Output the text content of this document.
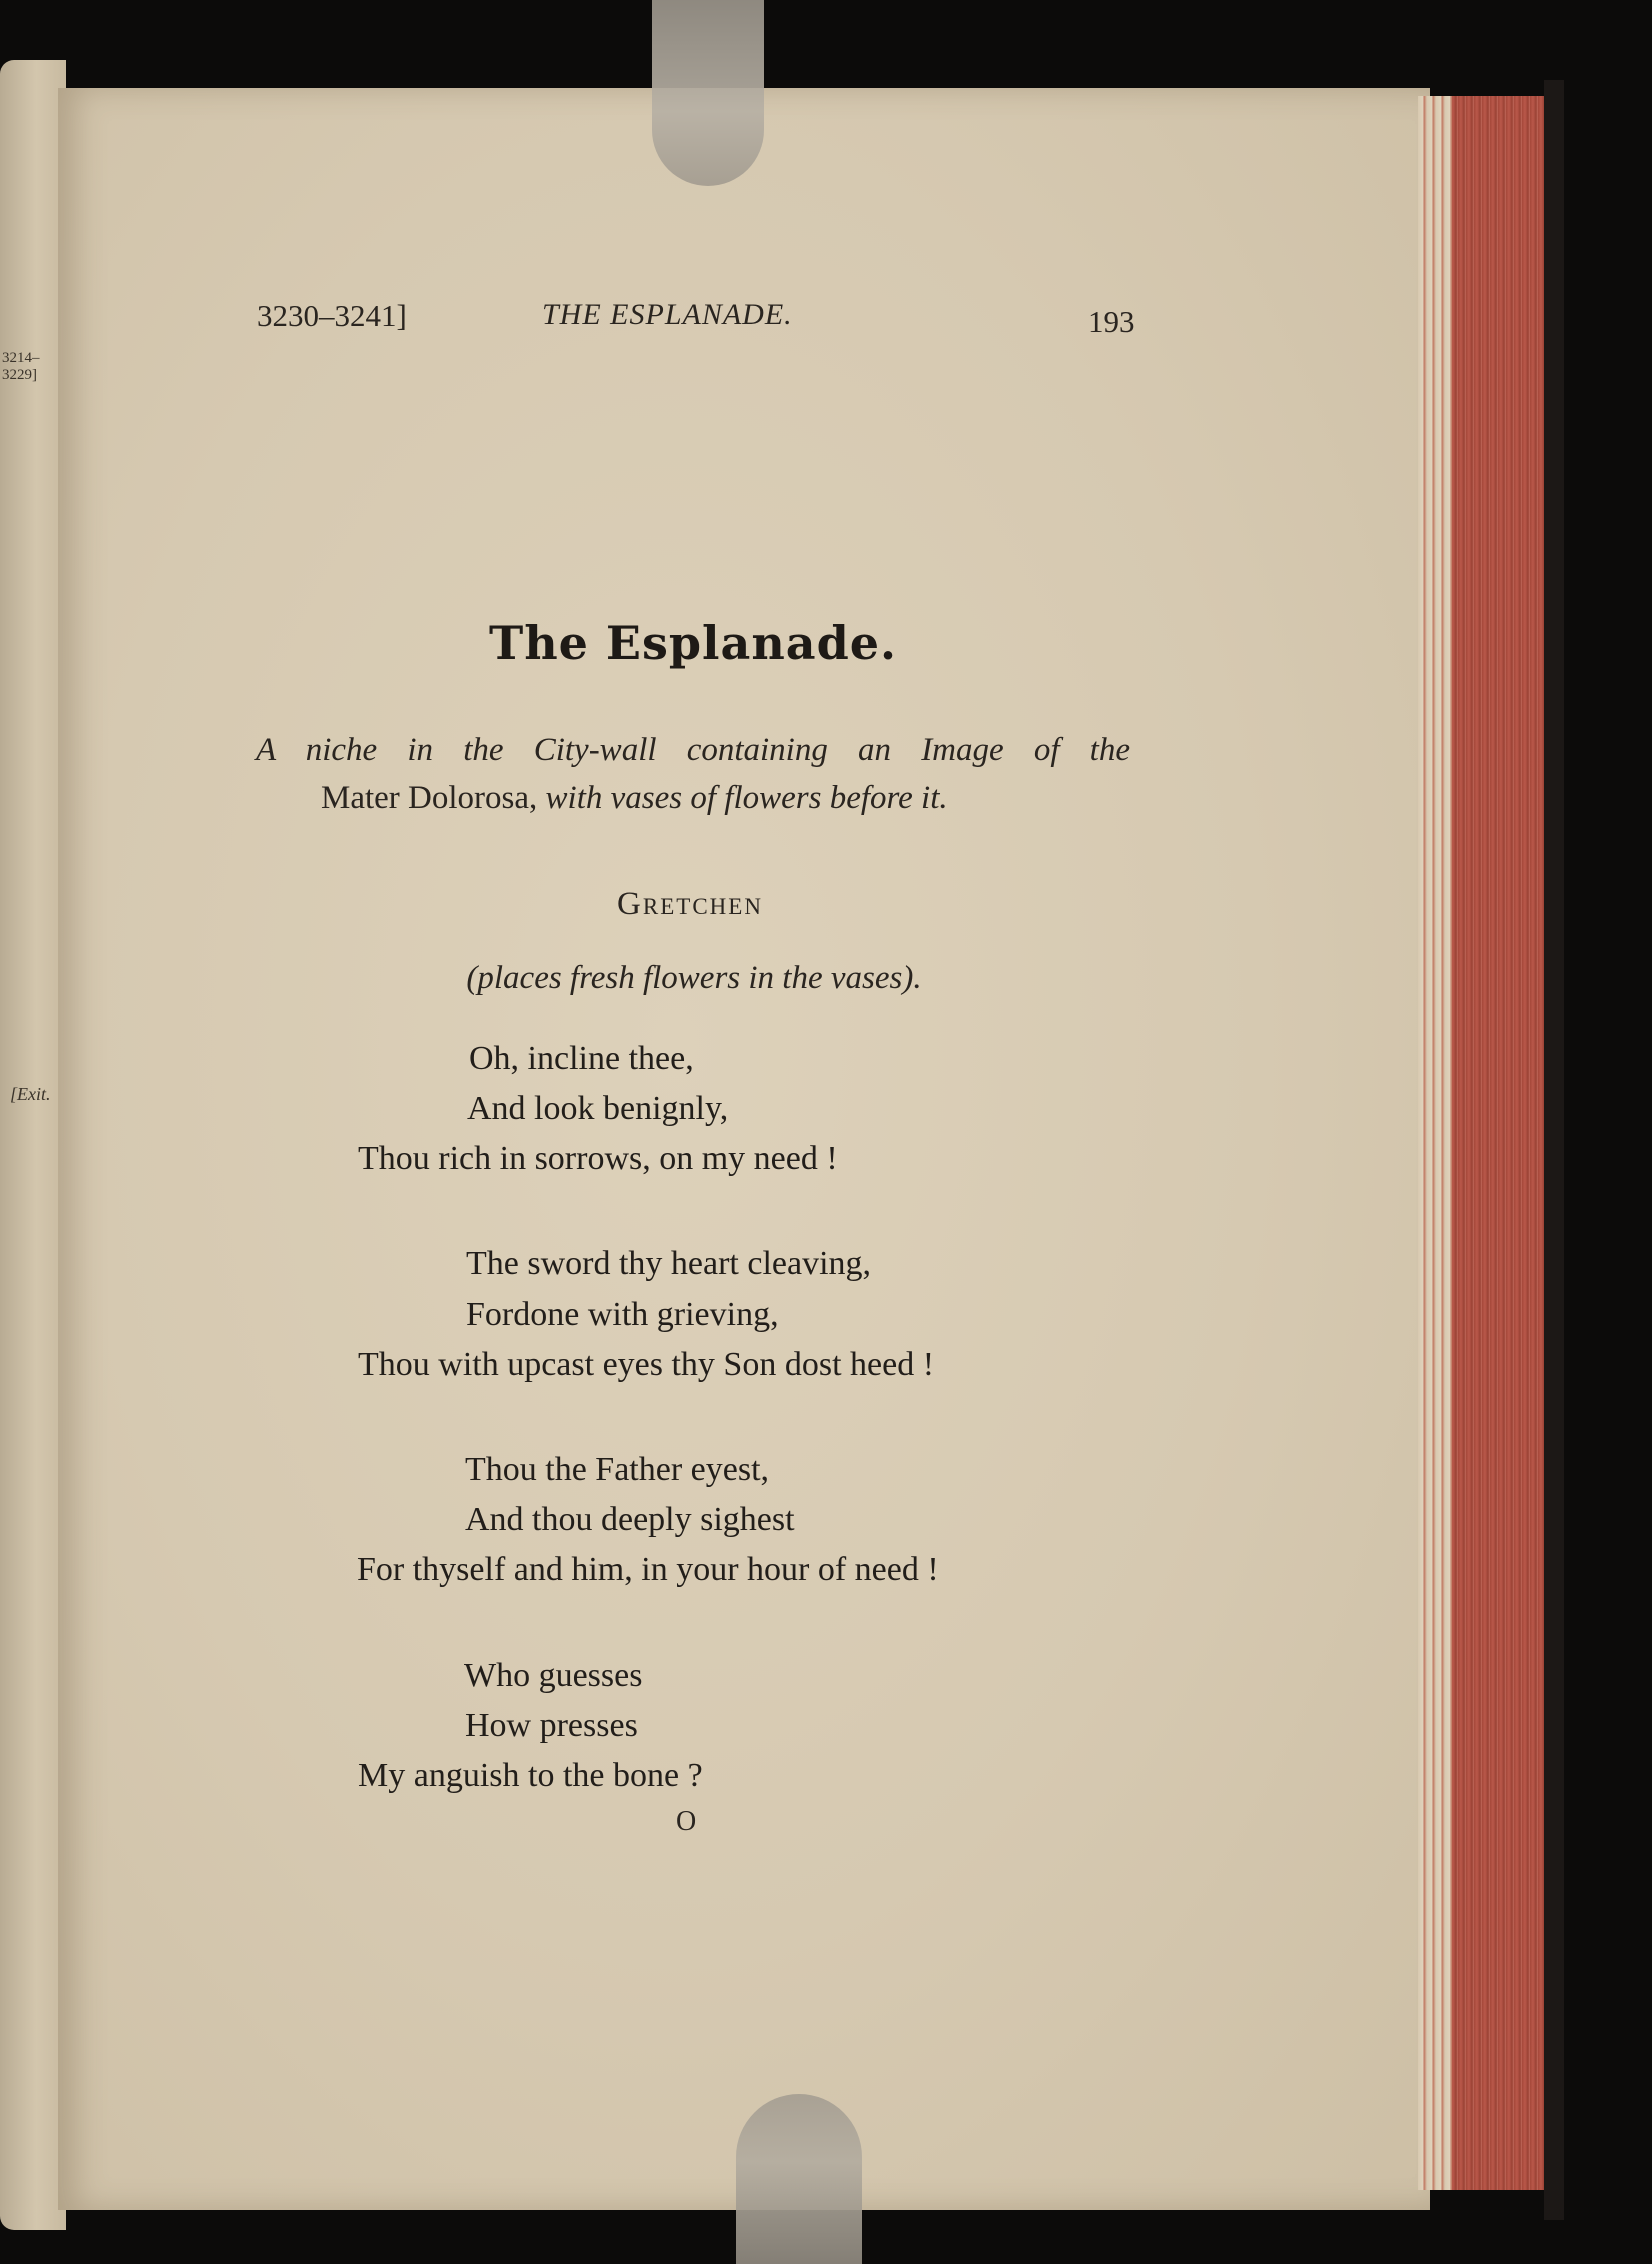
3214–3229]
[Exit.
3230–3241]	THE ESPLANADE.	193
The Esplanade.
A niche in the City-wall containing an Image of the
Mater Dolorosa, with vases of flowers before it.
Gretchen
(places fresh flowers in the vases).
Oh, incline thee,
And look benignly,
Thou rich in sorrows, on my need !
The sword thy heart cleaving,
Fordone with grieving,
Thou with upcast eyes thy Son dost heed !
Thou the Father eyest,
And thou deeply sighest
For thyself and him, in your hour of need !
Who guesses
How presses
My anguish to the bone ?
O
